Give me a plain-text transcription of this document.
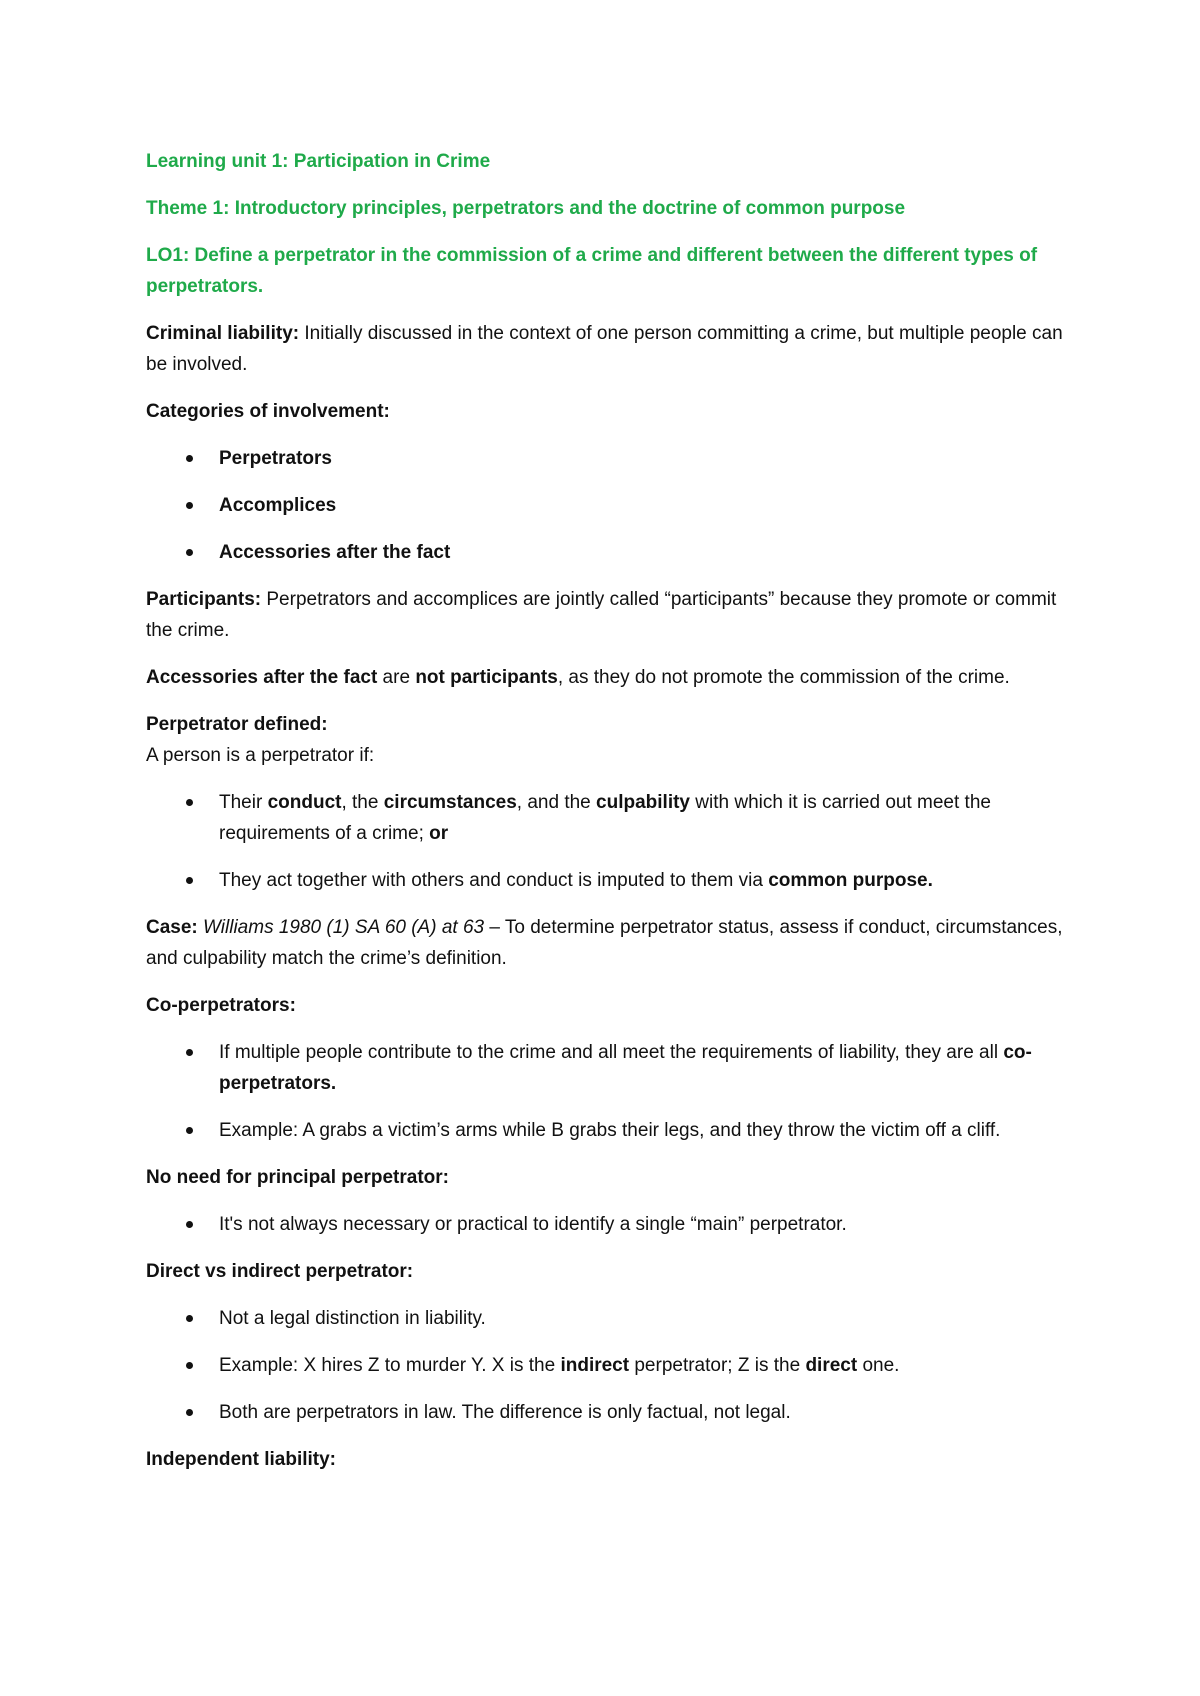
Learning unit 1: Participation in Crime

Theme 1: Introductory principles, perpetrators and the doctrine of common purpose

LO1: Define a perpetrator in the commission of a crime and different between the different types of perpetrators.

Criminal liability: Initially discussed in the context of one person committing a crime, but multiple people can be involved.

Categories of involvement:

Perpetrators
Accomplices
Accessories after the fact

Participants: Perpetrators and accomplices are jointly called “participants” because they promote or commit the crime.

Accessories after the fact are not participants, as they do not promote the commission of the crime.

Perpetrator defined:

A person is a perpetrator if:

Their conduct, the circumstances, and the culpability with which it is carried out meet the requirements of a crime; or
They act together with others and conduct is imputed to them via common purpose.

Case: Williams 1980 (1) SA 60 (A) at 63 – To determine perpetrator status, assess if conduct, circumstances, and culpability match the crime’s definition.

Co-perpetrators:

If multiple people contribute to the crime and all meet the requirements of liability, they are all co-perpetrators.
Example: A grabs a victim’s arms while B grabs their legs, and they throw the victim off a cliff.

No need for principal perpetrator:

It's not always necessary or practical to identify a single “main” perpetrator.

Direct vs indirect perpetrator:

Not a legal distinction in liability.
Example: X hires Z to murder Y. X is the indirect perpetrator; Z is the direct one.
Both are perpetrators in law. The difference is only factual, not legal.

Independent liability:
